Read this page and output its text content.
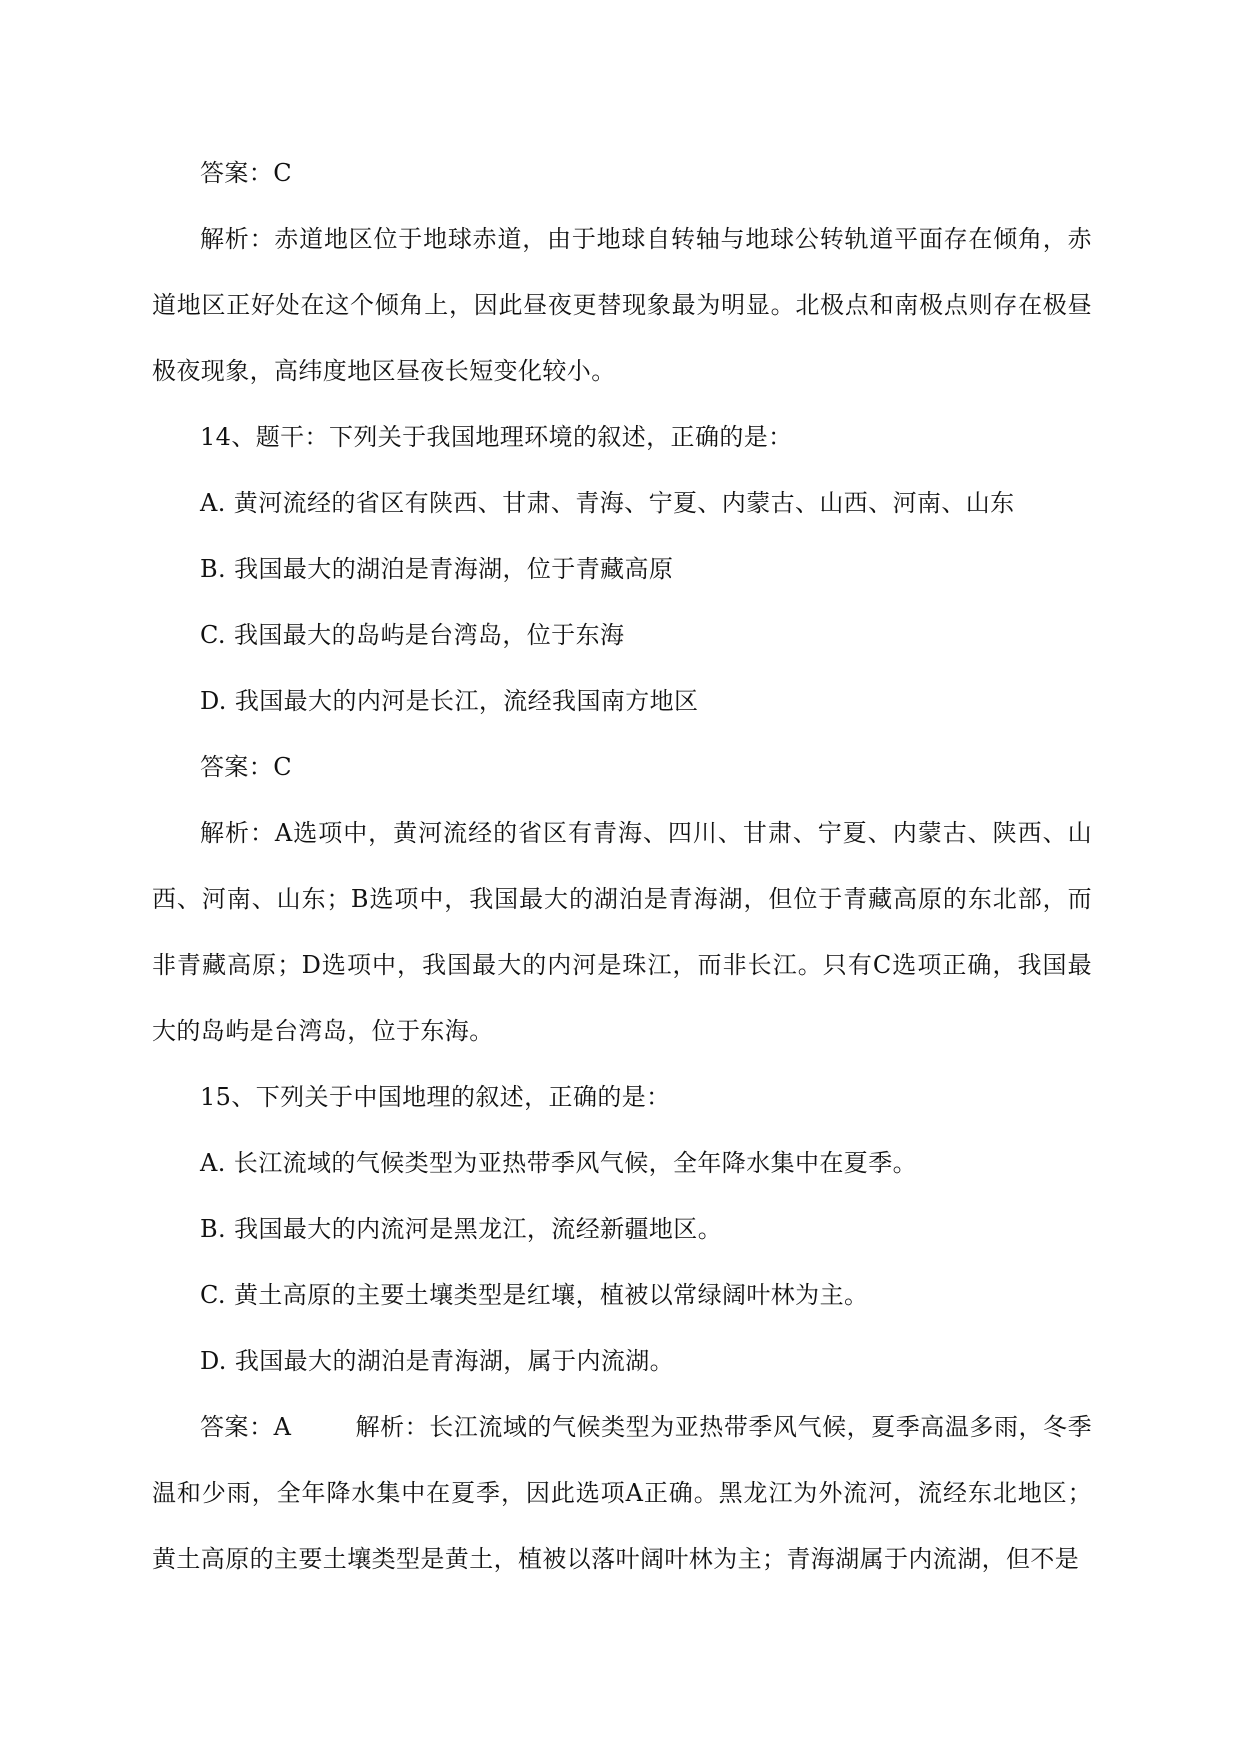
答案：C

解析：赤道地区位于地球赤道，由于地球自转轴与地球公转轨道平面存在倾角，赤道地区正好处在这个倾角上，因此昼夜更替现象最为明显。北极点和南极点则存在极昼极夜现象，高纬度地区昼夜长短变化较小。

14、题干：下列关于我国地理环境的叙述，正确的是：

A. 黄河流经的省区有陕西、甘肃、青海、宁夏、内蒙古、山西、河南、山东

B. 我国最大的湖泊是青海湖，位于青藏高原

C. 我国最大的岛屿是台湾岛，位于东海

D. 我国最大的内河是长江，流经我国南方地区

答案：C

解析：A选项中，黄河流经的省区有青海、四川、甘肃、宁夏、内蒙古、陕西、山西、河南、山东；B选项中，我国最大的湖泊是青海湖，但位于青藏高原的东北部，而非青藏高原；D选项中，我国最大的内河是珠江，而非长江。只有C选项正确，我国最大的岛屿是台湾岛，位于东海。

15、下列关于中国地理的叙述，正确的是：

A. 长江流域的气候类型为亚热带季风气候，全年降水集中在夏季。

B. 我国最大的内流河是黑龙江，流经新疆地区。

C. 黄土高原的主要土壤类型是红壤，植被以常绿阔叶林为主。

D. 我国最大的湖泊是青海湖，属于内流湖。

答案：A	解析：长江流域的气候类型为亚热带季风气候，夏季高温多雨，冬季温和少雨，全年降水集中在夏季，因此选项A正确。黑龙江为外流河，流经东北地区；黄土高原的主要土壤类型是黄土，植被以落叶阔叶林为主；青海湖属于内流湖，但不是
